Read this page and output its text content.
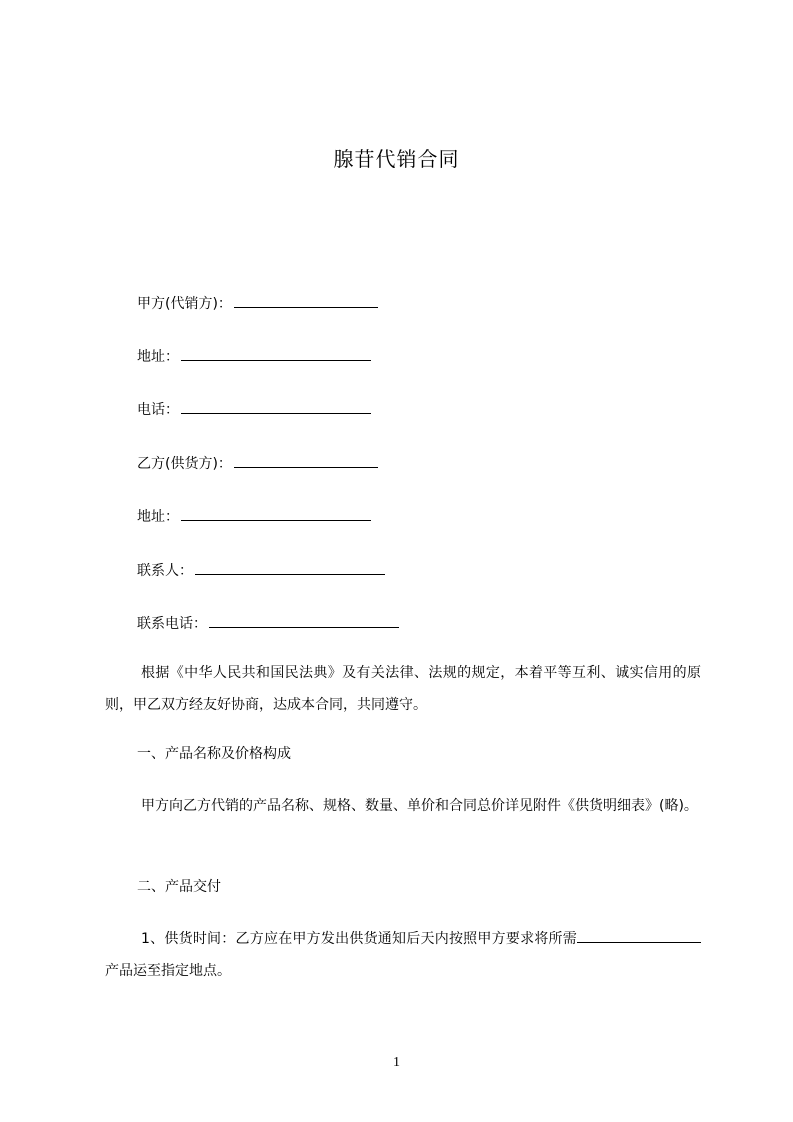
腺苷代销合同
甲方(代销方)：
地址：
电话：
乙方(供货方)：
地址：
联系人：
联系电话：
根据《中华人民共和国民法典》及有关法律、法规的规定，本着平等互利、诚实信用的原则，甲乙双方经友好协商，达成本合同，共同遵守。
一、产品名称及价格构成
甲方向乙方代销的产品名称、规格、数量、单价和合同总价详见附件《供货明细表》(略)。
二、产品交付
1、供货时间：乙方应在甲方发出供货通知后天内按照甲方要求将所需产品运至指定地点。
1
